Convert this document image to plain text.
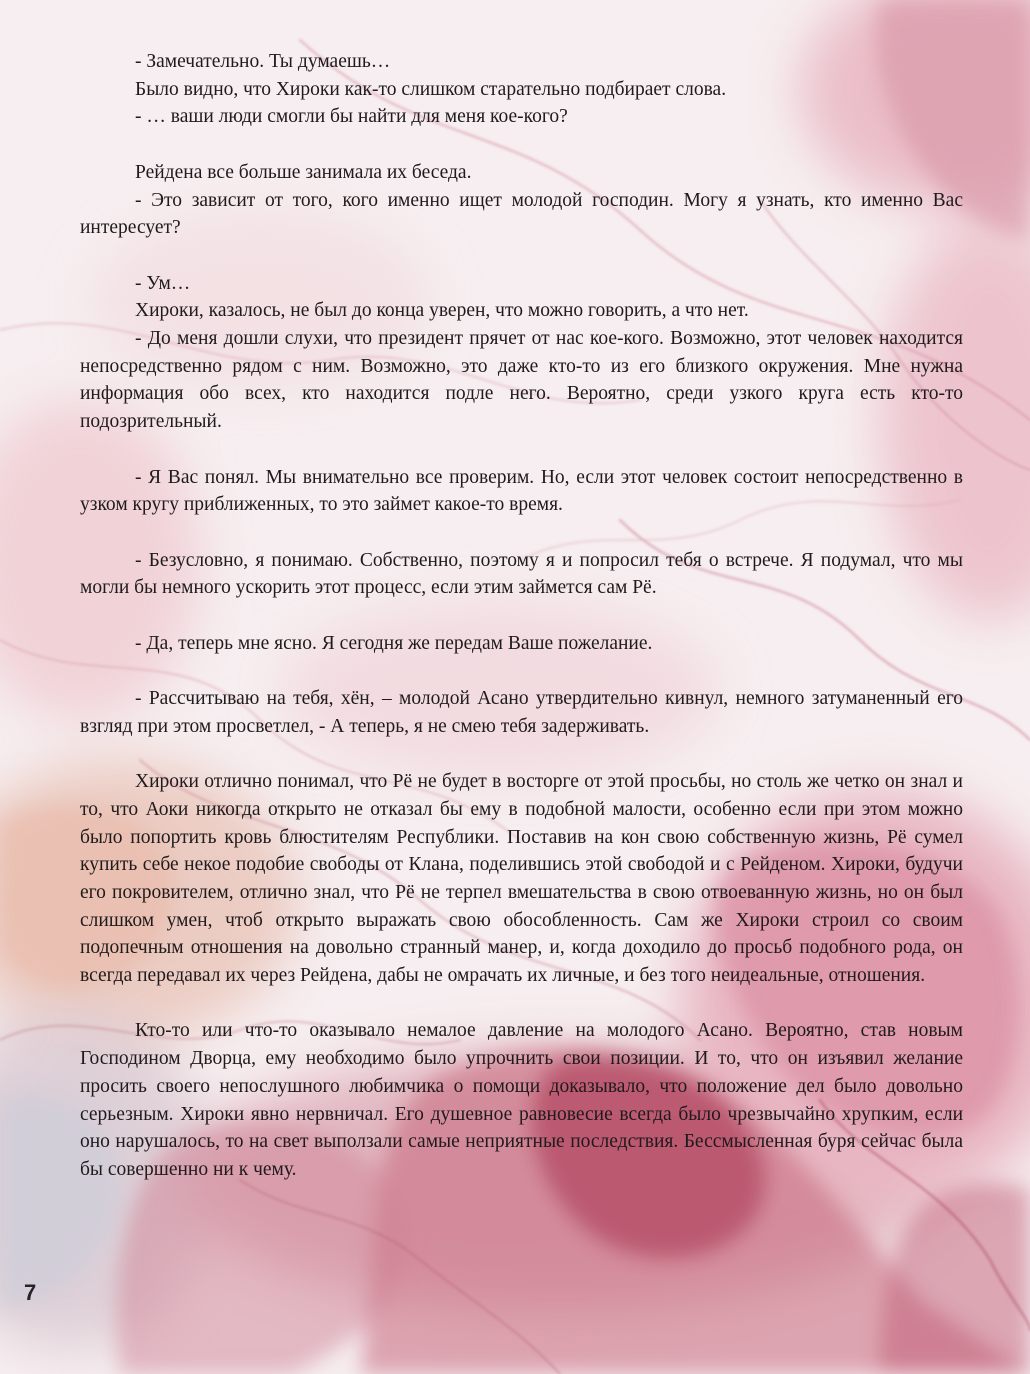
- Замечательно. Ты думаешь…

Было видно, что Хироки как-то слишком старательно подбирает слова.

- … ваши люди смогли бы найти для меня кое-кого?

Рейдена все больше занимала их беседа.

- Это зависит от того, кого именно ищет молодой господин. Могу я узнать, кто именно Вас интересует?

- Ум…

Хироки, казалось, не был до конца уверен, что можно говорить, а что нет.

- До меня дошли слухи, что президент прячет от нас кое-кого. Возможно, этот человек находится непосредственно рядом с ним. Возможно, это даже кто-то из его близкого окружения. Мне нужна информация обо всех, кто находится подле него. Вероятно, среди узкого круга есть кто-то подозрительный.

- Я Вас понял. Мы внимательно все проверим. Но, если этот человек состоит непосредственно в узком кругу приближенных, то это займет какое-то время.

- Безусловно, я понимаю. Собственно, поэтому я и попросил тебя о встрече. Я подумал, что мы могли бы немного ускорить этот процесс, если этим займется сам Рё.

- Да, теперь мне ясно. Я сегодня же передам Ваше пожелание.

- Рассчитываю на тебя, хён, – молодой Асано утвердительно кивнул, немного затуманенный его взгляд при этом просветлел, - А теперь, я не смею тебя задерживать.

Хироки отлично понимал, что Рё не будет в восторге от этой просьбы, но столь же четко он знал и то, что Аоки никогда открыто не отказал бы ему в подобной малости, особенно если при этом можно было попортить кровь блюстителям Республики. Поставив на кон свою собственную жизнь, Рё сумел купить себе некое подобие свободы от Клана, поделившись этой свободой и с Рейденом. Хироки, будучи его покровителем, отлично знал, что Рё не терпел вмешательства в свою отвоеванную жизнь, но он был слишком умен, чтоб открыто выражать свою обособленность. Сам же Хироки строил со своим подопечным отношения на довольно странный манер, и, когда доходило до просьб подобного рода, он всегда передавал их через Рейдена, дабы не омрачать их личные, и без того неидеальные, отношения.

Кто-то или что-то оказывало немалое давление на молодого Асано. Вероятно, став новым Господином Дворца, ему необходимо было упрочнить свои позиции. И то, что он изъявил желание просить своего непослушного любимчика о помощи доказывало, что положение дел было довольно серьезным. Хироки явно нервничал. Его душевное равновесие всегда было чрезвычайно хрупким, если оно нарушалось, то на свет выползали самые неприятные последствия. Бессмысленная буря сейчас была бы совершенно ни к чему.

7
